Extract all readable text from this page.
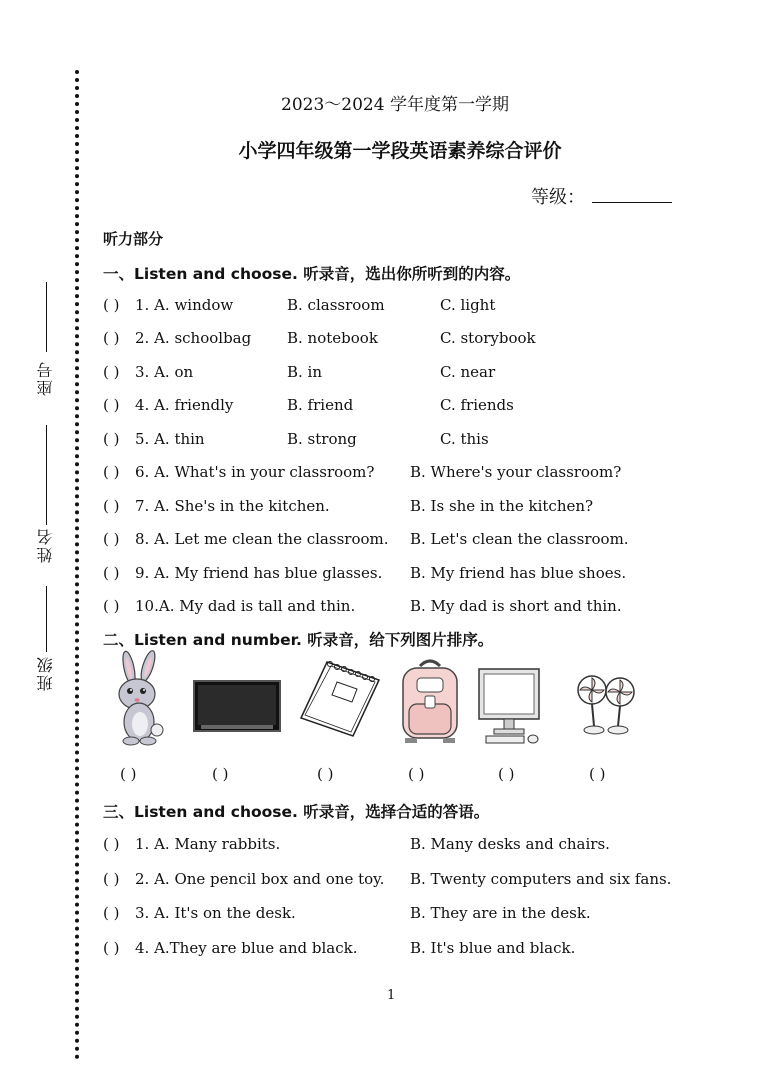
座号
姓名
班级
2023～2024 学年度第一学期
小学四年级第一学段英语素养综合评价
等级：
听力部分
一、Listen and choose. 听录音，选出你所听到的内容。
( ) 1. A. window	B. classroom	C. light
( ) 2. A. schoolbag B. notebook	C. storybook
( ) 3. A. on	B. in	C. near
( ) 4. A. friendly	B. friend	C. friends
( ) 5. A. thin	B. strong	C. this
( ) 6. A. What's in your classroom? B. Where's your classroom?
( ) 7. A. She's in the kitchen.	B. Is she in the kitchen?
( ) 8. A. Let me clean the classroom. B. Let's clean the classroom.
( ) 9. A. My friend has blue glasses. B. My friend has blue shoes.
( ) 10.A. My dad is tall and thin.	B. My dad is short and thin.
二、Listen and number. 听录音，给下列图片排序。
( )	( )	( )	( )	( )	( )
三、Listen and choose. 听录音，选择合适的答语。
( ) 1. A. Many rabbits.	B. Many desks and chairs.
( ) 2. A. One pencil box and one toy. B. Twenty computers and six fans.
( ) 3. A. It's on the desk.	B. They are in the desk.
( ) 4. A.They are blue and black.	B. It's blue and black.
1
